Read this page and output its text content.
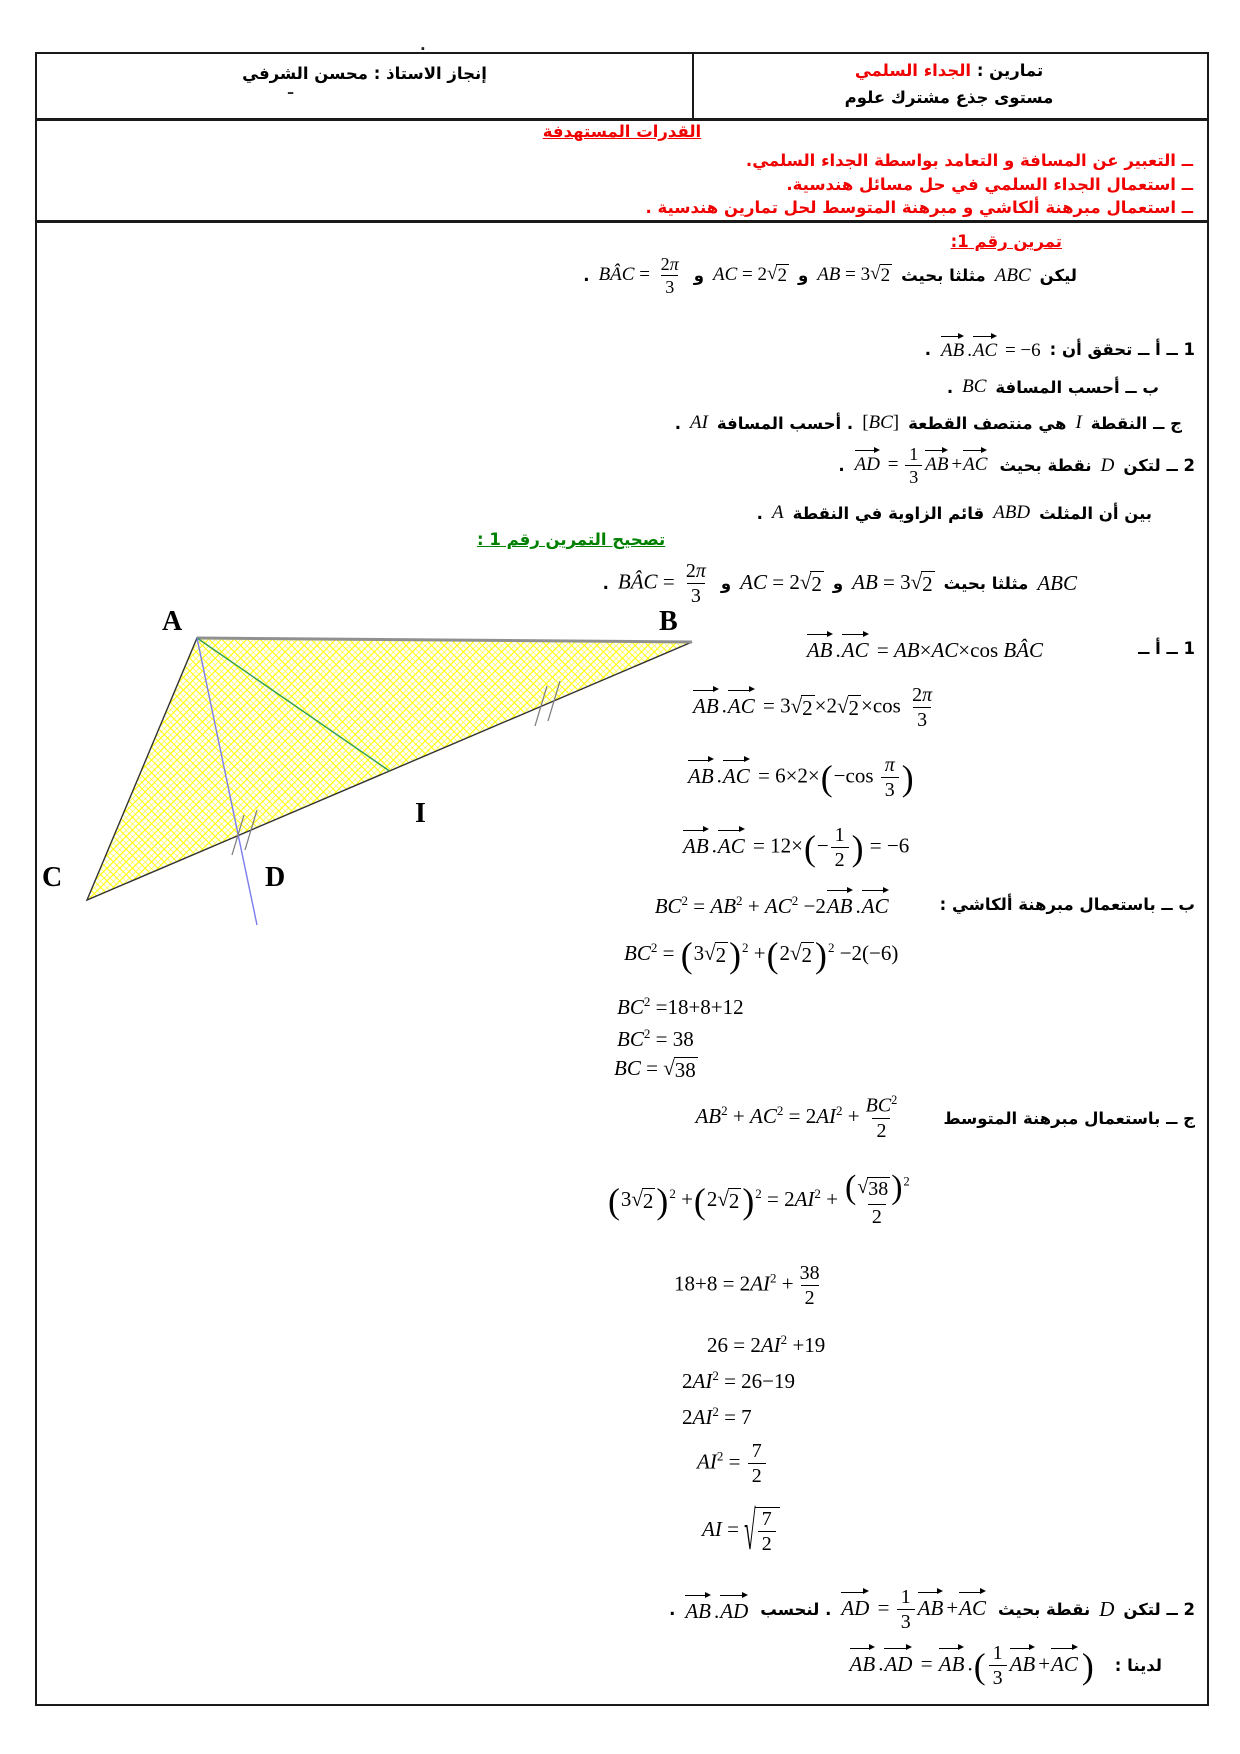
.
ـ
إنجاز الاستاذ : محسن الشرفي	تمارين : الجداء السلمي
مستوى جذع مشترك علوم
القدرات المستهدفة
ــ التعبير عن المسافة و التعامد بواسطة الجداء السلمي.
ــ استعمال الجداء السلمي في حل مسائل هندسية.
ــ استعمال مبرهنة ألكاشي و مبرهنة المتوسط لحل تمارين هندسية .
تمرين رقم 1:
ليكن
ABC
مثلثا بحيث
AB = 3 √ 2
و
AC = 2 √ 2
و
BÂC = $\frac{2\pi}{3}$
.
1 ــ أ ــ تحقق أن :
AB .AC = −6
.
ب ــ أحسب المسافة
BC
.
ج ــ النقطة
I
هي منتصف القطعة
[BC]
. أحسب المسافة
AI
.
2 ــ لتكن
D
نقطة بحيث
AD = $\frac{1}{3}$ AB +AC
.
بين أن المثلث
ABD
قائم الزاوية في النقطة
A
.
تصحيح التمرين رقم 1 :
ABC
مثلثا بحيث
AB = 3 √ 2
و
AC = 2 √ 2
و
BÂC = $\frac{2\pi}{3}$
.
A	B
C	D
I
1 ــ أ ــ
AB .AC = AB×AC×cos BÂC
AB .AC = 3 √ 2 ×2 √ $2 \times\cos \frac{2\pi}{3}$
AB $.AC = 6\times 2\times(-\cos \frac{\pi}{3}$ )
AB $.AC = 12\times(- \frac{1}{2}$ ) = −6
ب ــ باستعمال مبرهنة ألكاشي :
$BC^2 = AB^2 + AC^2 -2AB$ .AC
$BC^2 = (3$ √ 2 )$^2$ +(2 √ 2 )$^2$ −2(−6)
$BC^2 =18+8+12$
$BC^2 = 38$
BC = √ 38
ج ــ باستعمال مبرهنة المتوسط
$AB^2 + AC^2 = 2AI^2 + \frac{BC^2}{2}$
(3 √ 2 )$^2$ +(2 √ 2 )$^2 = 2AI^2 + \frac{( √ 38 )^2}{2}$
$18+8 = 2AI^2 + \frac{38}{2}$
$26 = 2AI^2 +19$
$2AI^2 = 26-19$
$2AI^2 = 7$
$AI^2 = \frac{7}{2}$
AI = √ $\frac{7}{2}$
2 ــ لتكن
D
نقطة بحيث
AD = $\frac{1}{3}$ AB +AC
. لنحسب
AB .AD
.
لدينا :
AB .AD = AB .( $\frac{1}{3}$ AB +AC )
